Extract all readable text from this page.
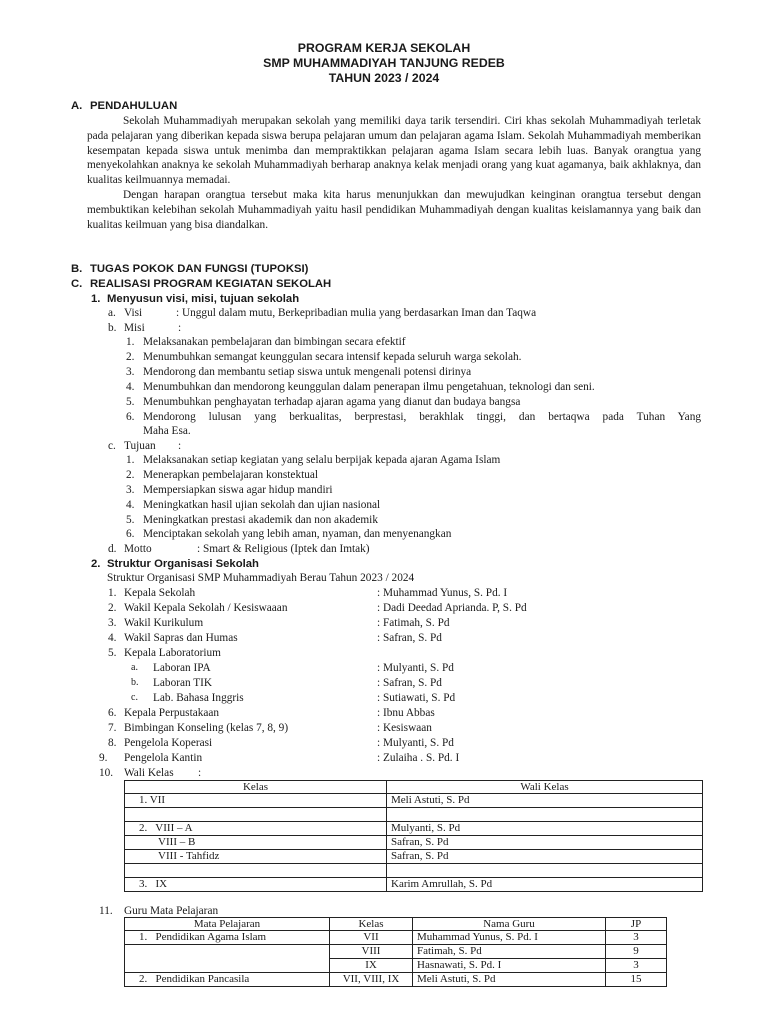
PROGRAM KERJA SEKOLAH
SMP MUHAMMADIYAH TANJUNG REDEB
TAHUN 2023 / 2024
A. PENDAHULUAN

Sekolah Muhammadiyah merupakan sekolah yang memiliki daya tarik tersendiri. Ciri khas sekolah Muhammadiyah terletak pada pelajaran yang diberikan kepada siswa berupa pelajaran umum dan pelajaran agama Islam. Sekolah Muhammadiyah memberikan kesempatan kepada siswa untuk menimba dan mempraktikkan pelajaran agama Islam secara lebih luas. Banyak orangtua yang menyekolahkan anaknya ke sekolah Muhammadiyah berharap anaknya kelak menjadi orang yang kuat agamanya, baik akhlaknya, dan kualitas keilmuannya memadai.

Dengan harapan orangtua tersebut maka kita harus menunjukkan dan mewujudkan keinginan orangtua tersebut dengan membuktikan kelebihan sekolah Muhammadiyah yaitu hasil pendidikan Muhammadiyah dengan kualitas keislamannya yang baik dan kualitas keilmuan yang bisa diandalkan.

B. TUGAS POKOK DAN FUNGSI (TUPOKSI)
C. REALISASI PROGRAM KEGIATAN SEKOLAH
1. Menyusun visi, misi, tujuan sekolah
a. Visi	: Unggul dalam mutu, Berkepribadian mulia yang berdasarkan Iman dan Taqwa
b. Misi	:
1. Melaksanakan pembelajaran dan bimbingan secara efektif
2. Menumbuhkan semangat keunggulan secara intensif kepada seluruh warga sekolah.
3. Mendorong dan membantu setiap siswa untuk mengenali potensi dirinya
4. Menumbuhkan dan mendorong keunggulan dalam penerapan ilmu pengetahuan, teknologi dan seni.
5. Menumbuhkan penghayatan terhadap ajaran agama yang dianut dan budaya bangsa
6. Mendorong lulusan yang berkualitas, berprestasi, berakhlak tinggi, dan bertaqwa pada Tuhan Yang
Maha Esa.
c. Tujuan :
1. Melaksanakan setiap kegiatan yang selalu berpijak kepada ajaran Agama Islam
2. Menerapkan pembelajaran konstektual
3. Mempersiapkan siswa agar hidup mandiri
4. Meningkatkan hasil ujian sekolah dan ujian nasional
5. Meningkatkan prestasi akademik dan non akademik
6. Menciptakan sekolah yang lebih aman, nyaman, dan menyenangkan
d. Motto	: Smart & Religious (Iptek dan Imtak)
2. Struktur Organisasi Sekolah
Struktur Organisasi SMP Muhammadiyah Berau Tahun 2023 / 2024
1. Kepala Sekolah	: Muhammad Yunus, S. Pd. I
2. Wakil Kepala Sekolah / Kesiswaaan	: Dadi Deedad Aprianda. P, S. Pd
3. Wakil Kurikulum	: Fatimah, S. Pd
4. Wakil Sapras dan Humas	: Safran, S. Pd
5. Kepala Laboratorium
a. Laboran IPA	: Mulyanti, S. Pd
b. Laboran TIK	: Safran, S. Pd
c. Lab. Bahasa Inggris	: Sutiawati, S. Pd
6. Kepala Perpustakaan	: Ibnu Abbas
7. Bimbingan Konseling (kelas 7, 8, 9)	: Kesiswaan
8. Pengelola Koperasi	: Mulyanti, S. Pd
9. Pengelola Kantin	: Zulaiha . S. Pd. I
10. Wali Kelas :
Kelas	Wali Kelas
1. VII	Meli Astuti, S. Pd

2.   VIII – A	Mulyanti, S. Pd
VIII – B	Safran, S. Pd
VIII - Tahfidz	Safran, S. Pd

3.   IX	Karim Amrullah, S. Pd
11. Guru Mata Pelajaran
Mata Pelajaran	Kelas	Nama Guru	JP
1.   Pendidikan Agama Islam	VII	Muhammad Yunus, S. Pd. I	3
	VIII	Fatimah, S. Pd	9
	IX	Hasnawati, S. Pd. I	3
2.   Pendidikan Pancasila	VII, VIII, IX	Meli Astuti, S. Pd	15
